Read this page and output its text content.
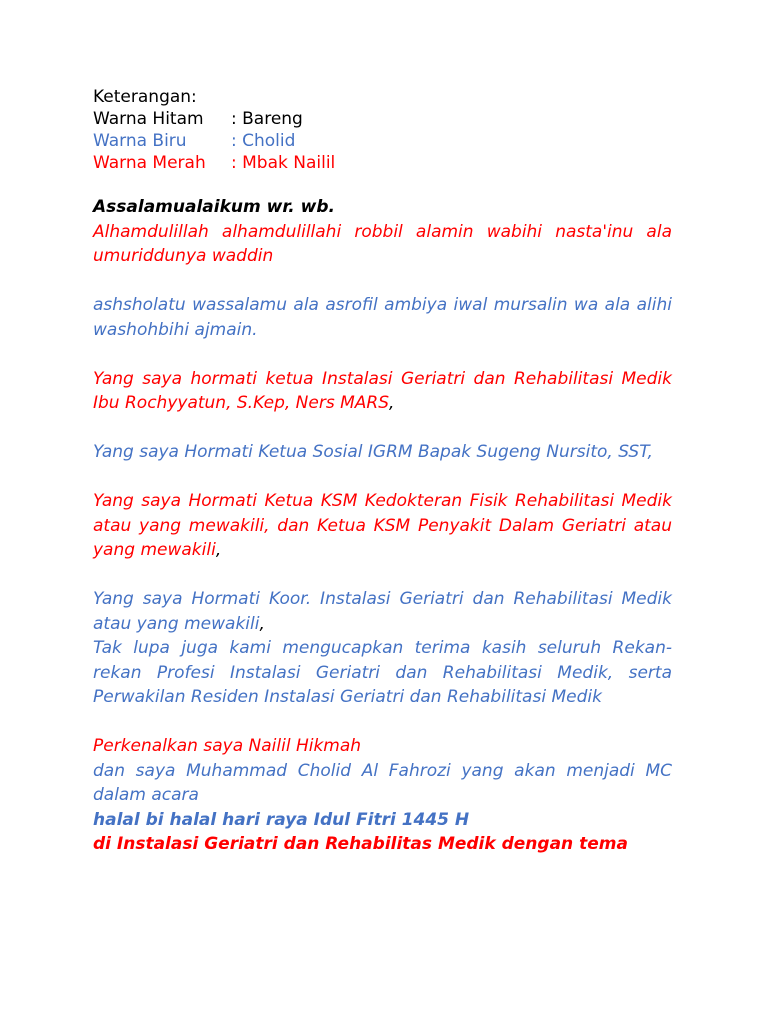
Keterangan:
Warna Hitam	: Bareng
Warna Biru	: Cholid
Warna Merah	: Mbak Nailil

Assalamualaikum wr. wb.

Alhamdulillah alhamdulillahi robbil alamin wabihi nasta'inu ala umuriddunya waddin

ashsholatu wassalamu ala asrofil ambiya iwal mursalin wa ala alihi washohbihi ajmain.

Yang saya hormati ketua Instalasi Geriatri dan Rehabilitasi Medik Ibu Rochyyatun, S.Kep, Ners MARS,

Yang saya Hormati Ketua Sosial IGRM Bapak Sugeng Nursito, SST,

Yang saya Hormati Ketua KSM Kedokteran Fisik Rehabilitasi Medik atau yang mewakili, dan Ketua KSM Penyakit Dalam Geriatri atau yang mewakili,

Yang saya Hormati Koor. Instalasi Geriatri dan Rehabilitasi Medik atau yang mewakili,

Tak lupa juga kami mengucapkan terima kasih seluruh Rekan-rekan Profesi Instalasi Geriatri dan Rehabilitasi Medik, serta Perwakilan Residen Instalasi Geriatri dan Rehabilitasi Medik

Perkenalkan saya Nailil Hikmah

dan saya Muhammad Cholid Al Fahrozi yang akan menjadi MC dalam acara

halal bi halal hari raya Idul Fitri 1445 H

di Instalasi Geriatri dan Rehabilitas Medik dengan tema
